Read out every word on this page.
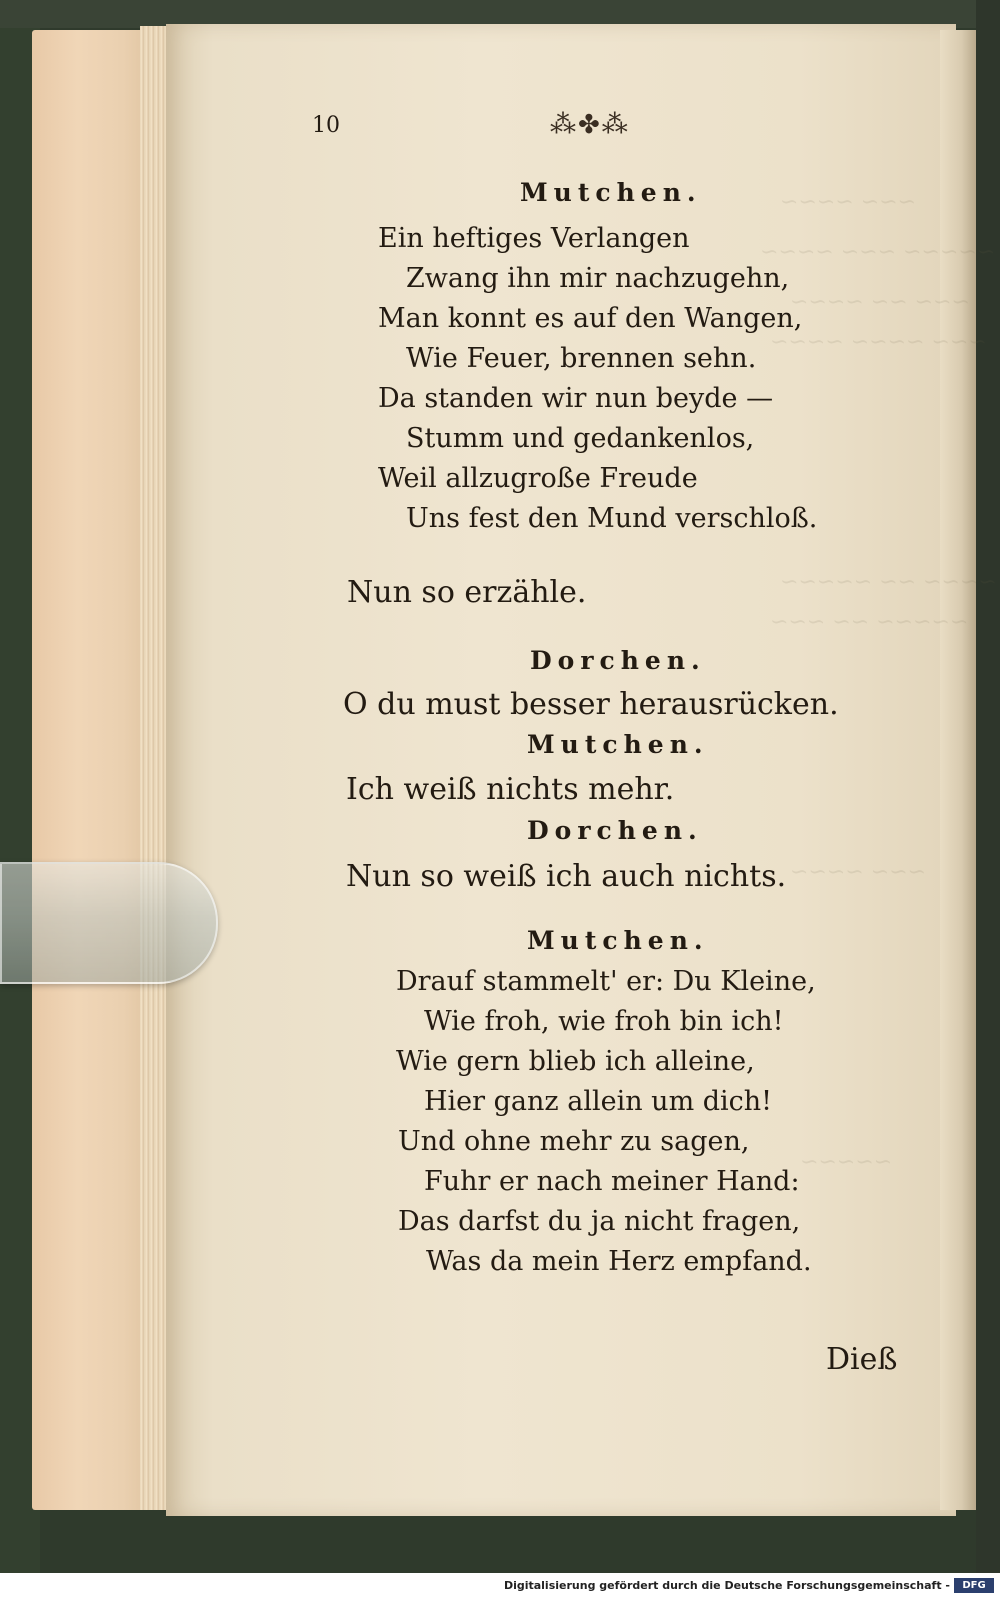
~~~ ~~~~
~~~~~ ~~~ ~~~~
~~~ ~~ ~~~~
~~~ ~~~~ ~~~~
~~~~ ~~ ~~~~~
~~~~~ ~~ ~~~
~~~ ~~~~
~~~~~
10	⁂✤⁂
Mutchen.
Ein heftiges Verlangen
Zwang ihn mir nachzugehn,
Man konnt es auf den Wangen,
Wie Feuer, brennen sehn.
Da standen wir nun beyde —
Stumm und gedankenlos,
Weil allzugroße Freude
Uns fest den Mund verschloß.
Nun so erzähle.
Dorchen.
O du must besser herausrücken.
Mutchen.
Ich weiß nichts mehr.
Dorchen.
Nun so weiß ich auch nichts.
Mutchen.
Drauf stammelt' er: Du Kleine,
Wie froh, wie froh bin ich!
Wie gern blieb ich alleine,
Hier ganz allein um dich!
Und ohne mehr zu sagen,
Fuhr er nach meiner Hand:
Das darfst du ja nicht fragen,
Was da mein Herz empfand.
Dieß
Digitalisierung gefördert durch die Deutsche Forschungsgemeinschaft -	DFG
